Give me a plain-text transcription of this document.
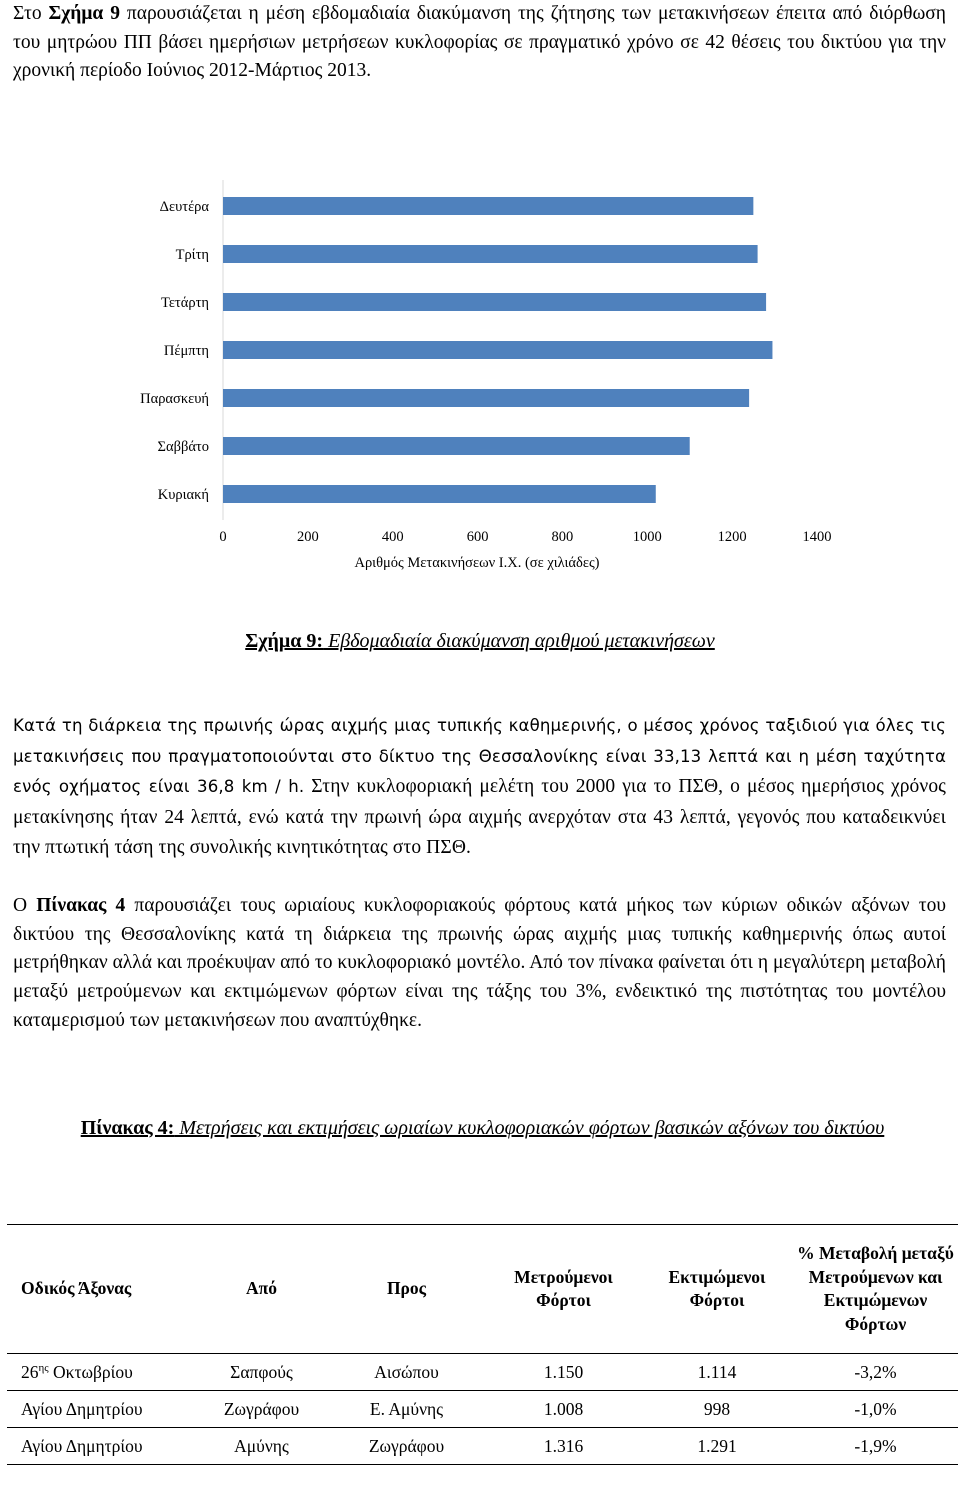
Στο Σχήμα 9 παρουσιάζεται η μέση εβδομαδιαία διακύμανση της ζήτησης των μετακινήσεων έπειτα από διόρθωση του μητρώου ΠΠ βάσει ημερήσιων μετρήσεων κυκλοφορίας σε πραγματικό χρόνο σε 42 θέσεις του δικτύου για την χρονική περίοδο Ιούνιος 2012-Μάρτιος 2013.

Δευτέρα
Τρίτη
Τετάρτη
Πέμπτη
Παρασκευή
Σαββάτο
Κυριακή
0	200	400	600	800	1000	1200	1400
Αριθμός Μετακινήσεων Ι.Χ. (σε χιλιάδες)
Σχήμα 9: Εβδομαδιαία διακύμανση αριθμού μετακινήσεων

Κατά τη διάρκεια της πρωινής ώρας αιχμής μιας τυπικής καθημερινής, ο μέσος χρόνος ταξιδιού για όλες τις μετακινήσεις που πραγματοποιούνται στο δίκτυο της Θεσσαλονίκης είναι 33,13 λεπτά και η μέση ταχύτητα ενός οχήματος είναι 36,8 km / h. Στην κυκλοφοριακή μελέτη του 2000 για το ΠΣΘ, ο μέσος ημερήσιος χρόνος μετακίνησης ήταν 24 λεπτά, ενώ κατά την πρωινή ώρα αιχμής ανερχόταν στα 43 λεπτά, γεγονός που καταδεικνύει την πτωτική τάση της συνολικής κινητικότητας στο ΠΣΘ.

Ο Πίνακας 4 παρουσιάζει τους ωριαίους κυκλοφοριακούς φόρτους κατά μήκος των κύριων οδικών αξόνων του δικτύου της Θεσσαλονίκης κατά τη διάρκεια της πρωινής ώρας αιχμής μιας τυπικής καθημερινής όπως αυτοί μετρήθηκαν αλλά και προέκυψαν από το κυκλοφοριακό μοντέλο. Από τον πίνακα φαίνεται ότι η μεγαλύτερη μεταβολή μεταξύ μετρούμενων και εκτιμώμενων φόρτων είναι της τάξης του 3%, ενδεικτικό της πιστότητας του μοντέλου καταμερισμού των μετακινήσεων που αναπτύχθηκε.

Πίνακας 4: Μετρήσεις και εκτιμήσεις ωριαίων κυκλοφοριακών φόρτων βασικών αξόνων του δικτύου
Οδικός Άξονας	Από	Προς	Μετρούμενοι Φόρτοι	Εκτιμώμενοι Φόρτοι	% Μεταβολή μεταξύ Μετρούμενων και Εκτιμώμενων Φόρτων
$26^{\eta\varsigma}$ Οκτωβρίου	Σαπφούς	Αισώπου	1.150	1.114	-3,2%
Αγίου Δημητρίου	Ζωγράφου	Ε. Αμύνης	1.008	998	-1,0%
Αγίου Δημητρίου	Αμύνης	Ζωγράφου	1.316	1.291	-1,9%
